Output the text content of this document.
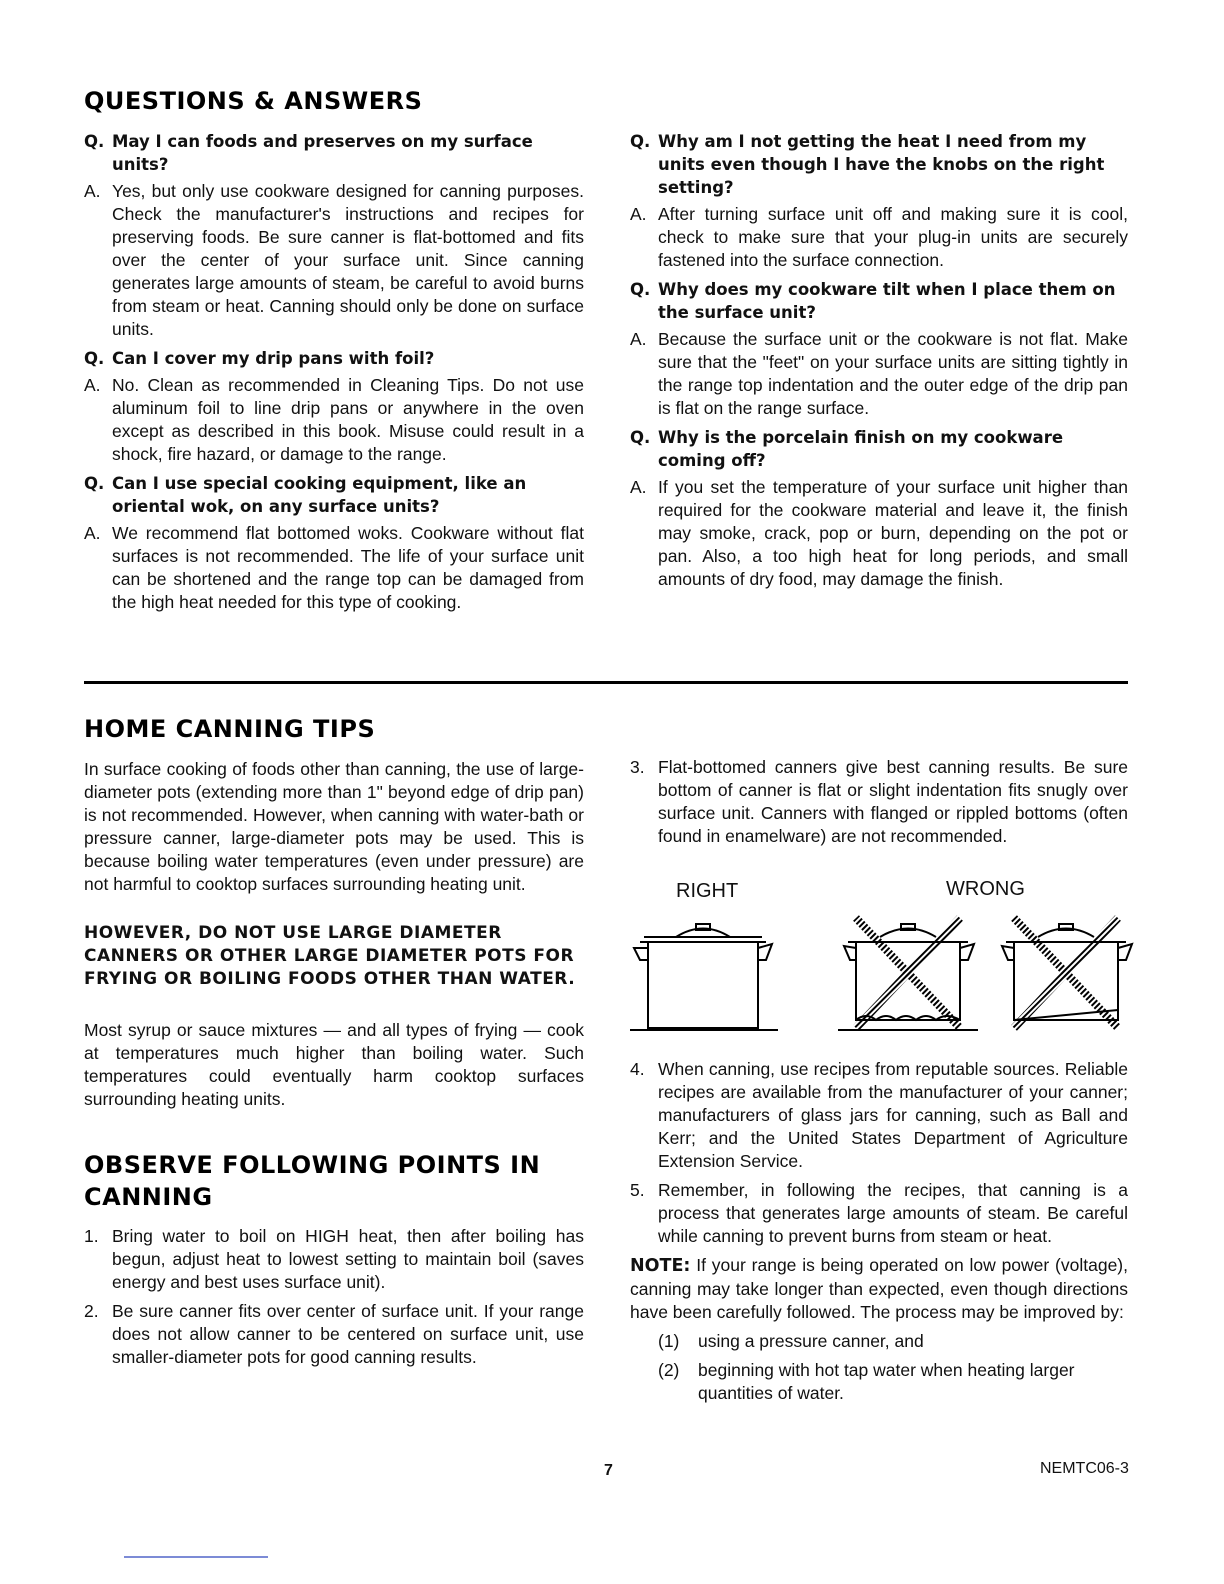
QUESTIONS & ANSWERS
Q. May I can foods and preserves on my surface units?
A. Yes, but only use cookware designed for canning purposes. Check the manufacturer's instructions and recipes for preserving foods. Be sure canner is flat-bottomed and fits over the center of your surface unit. Since canning generates large amounts of steam, be careful to avoid burns from steam or heat. Canning should only be done on surface units.
Q. Can I cover my drip pans with foil?
A. No. Clean as recommended in Cleaning Tips. Do not use aluminum foil to line drip pans or anywhere in the oven except as described in this book. Misuse could result in a shock, fire hazard, or damage to the range.
Q. Can I use special cooking equipment, like an oriental wok, on any surface units?
A. We recommend flat bottomed woks. Cookware without flat surfaces is not recommended. The life of your surface unit can be shortened and the range top can be damaged from the high heat needed for this type of cooking.
Q. Why am I not getting the heat I need from my units even though I have the knobs on the right setting?
A. After turning surface unit off and making sure it is cool, check to make sure that your plug-in units are securely fastened into the surface connection.
Q. Why does my cookware tilt when I place them on the surface unit?
A. Because the surface unit or the cookware is not flat. Make sure that the "feet" on your surface units are sitting tightly in the range top indentation and the outer edge of the drip pan is flat on the range surface.
Q. Why is the porcelain finish on my cookware coming off?
A. If you set the temperature of your surface unit higher than required for the cookware material and leave it, the finish may smoke, crack, pop or burn, depending on the pot or pan. Also, a too high heat for long periods, and small amounts of dry food, may damage the finish.
HOME CANNING TIPS

In surface cooking of foods other than canning, the use of large-diameter pots (extending more than 1" beyond edge of drip pan) is not recommended. However, when canning with water-bath or pressure canner, large-diameter pots may be used. This is because boiling water temperatures (even under pressure) are not harmful to cooktop surfaces surrounding heating unit.

HOWEVER, DO NOT USE LARGE DIAMETER CANNERS OR OTHER LARGE DIAMETER POTS FOR FRYING OR BOILING FOODS OTHER THAN WATER.

Most syrup or sauce mixtures — and all types of frying — cook at temperatures much higher than boiling water. Such temperatures could eventually harm cooktop surfaces surrounding heating units.

OBSERVE FOLLOWING POINTS IN CANNING
1. Bring water to boil on HIGH heat, then after boiling has begun, adjust heat to lowest setting to maintain boil (saves energy and best uses surface unit).
2. Be sure canner fits over center of surface unit. If your range does not allow canner to be centered on surface unit, use smaller-diameter pots for good canning results.
3. Flat-bottomed canners give best canning results. Be sure bottom of canner is flat or slight indentation fits snugly over surface unit. Canners with flanged or rippled bottoms (often found in enamelware) are not recommended.
RIGHT	WRONG
4. When canning, use recipes from reputable sources. Reliable recipes are available from the manufacturer of your canner; manufacturers of glass jars for canning, such as Ball and Kerr; and the United States Department of Agriculture Extension Service.
5. Remember, in following the recipes, that canning is a process that generates large amounts of steam. Be careful while canning to prevent burns from steam or heat.
NOTE: If your range is being operated on low power (voltage), canning may take longer than expected, even though directions have been carefully followed. The process may be improved by:
(1) using a pressure canner, and
(2) beginning with hot tap water when heating larger quantities of water.
7	NEMTC06-3
